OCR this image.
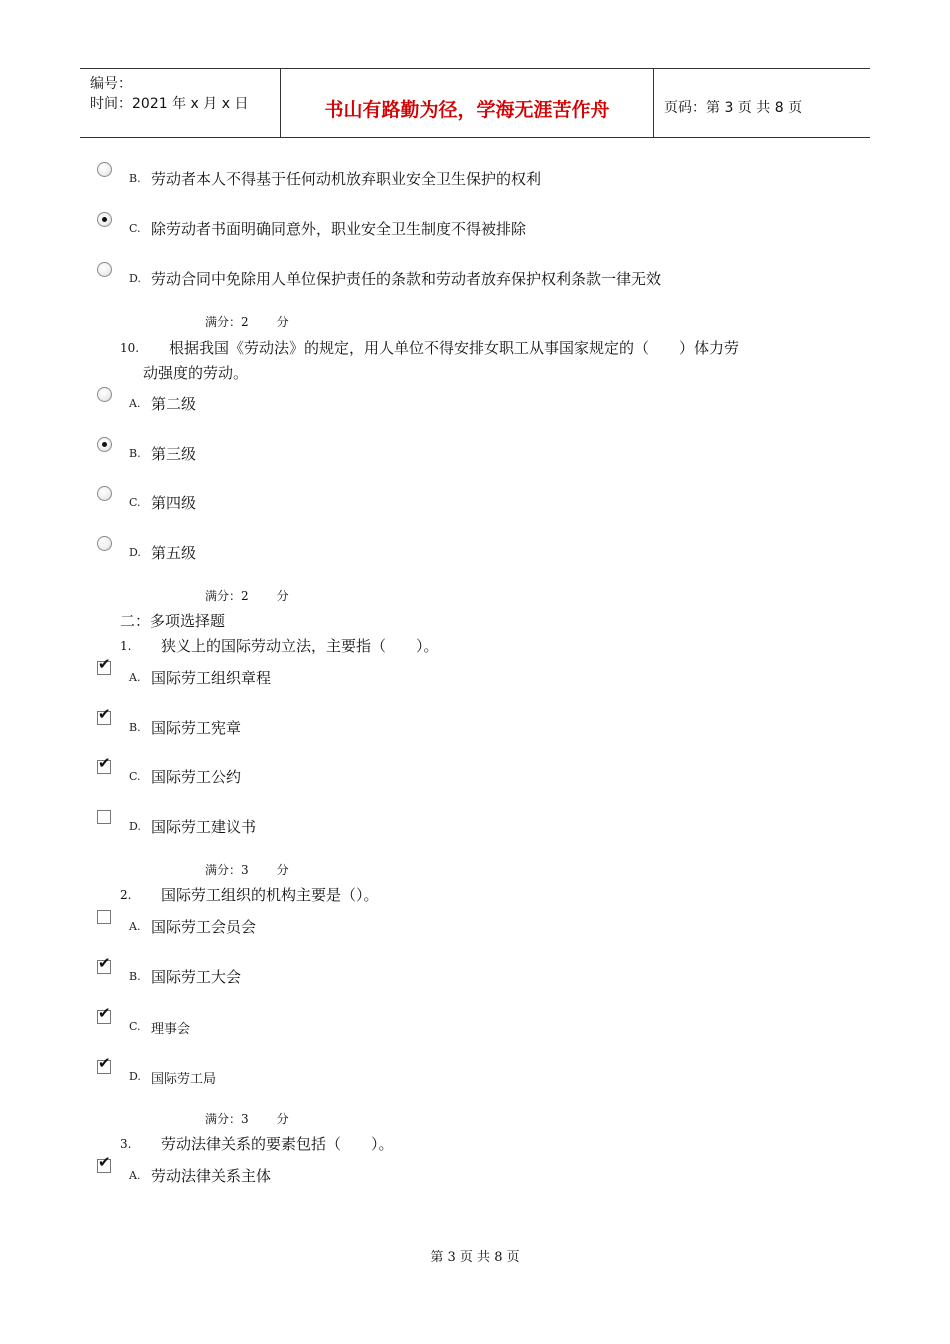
编号：
时间：2021 年 x 月 x 日	书山有路勤为径，学海无涯苦作舟	页码：第 3 页 共 8 页
B. 劳动者本人不得基于任何动机放弃职业安全卫生保护的权利
C. 除劳动者书面明确同意外，职业安全卫生制度不得被排除
D. 劳动合同中免除用人单位保护责任的条款和劳动者放弃保护权利条款一律无效
满分：2 分
10. 根据我国《劳动法》的规定，用人单位不得安排女职工从事国家规定的（　　）体力劳
动强度的劳动。
A. 第二级
B. 第三级
C. 第四级
D. 第五级
满分：2 分
二：多项选择题
1. 狭义上的国际劳动立法，主要指（　　）。
✔
A. 国际劳工组织章程
✔
B. 国际劳工宪章
✔
C. 国际劳工公约
D. 国际劳工建议书
满分：3 分
2. 国际劳工组织的机构主要是（）。
A. 国际劳工会员会
✔
B. 国际劳工大会
✔
C. 理事会
✔
D. 国际劳工局
满分：3 分
3. 劳动法律关系的要素包括（　　）。
✔
A. 劳动法律关系主体
第 3 页 共 8 页
